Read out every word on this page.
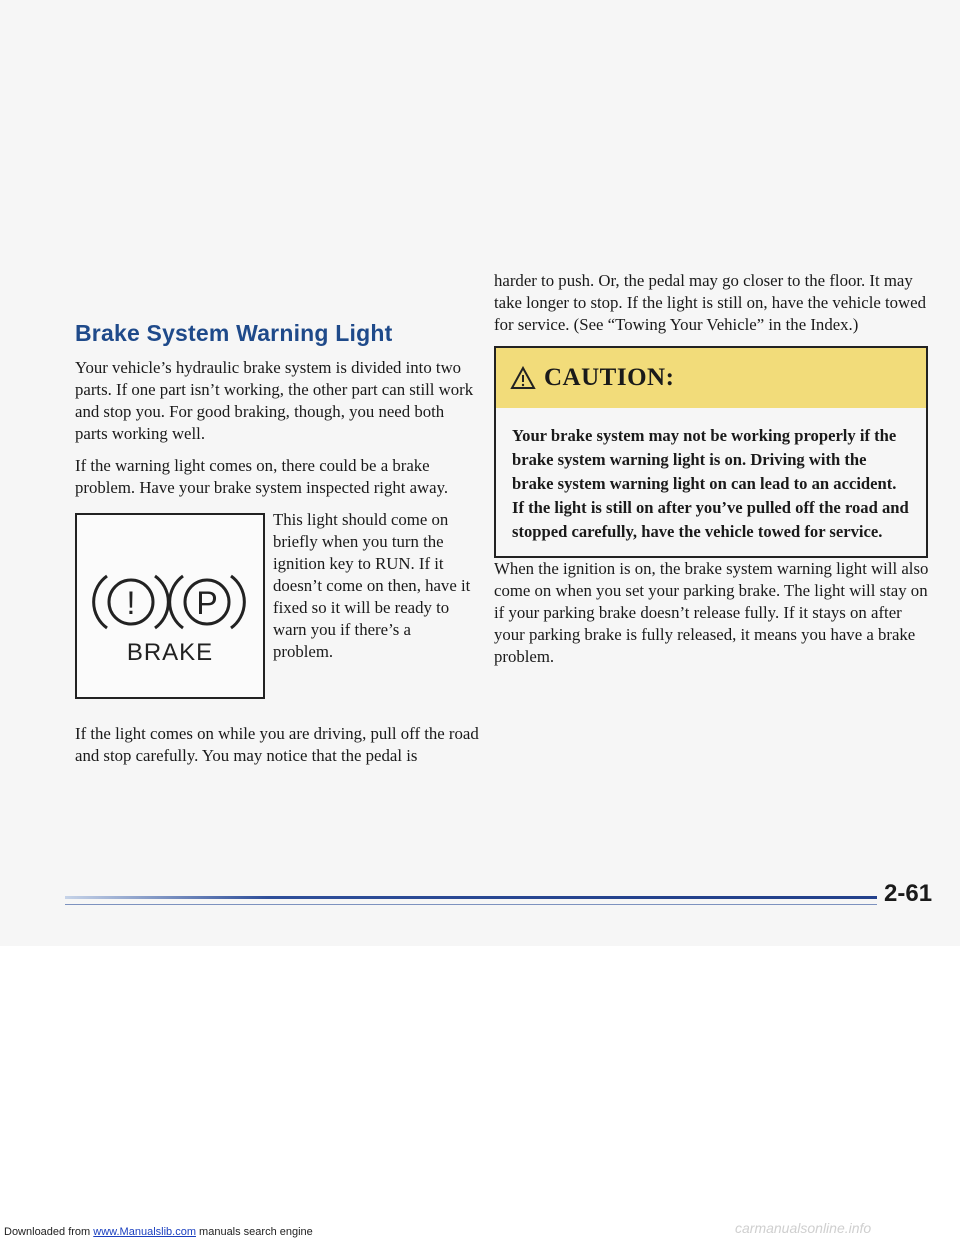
Brake System Warning Light

Your vehicle’s hydraulic brake system is divided into two parts. If one part isn’t working, the other part can still work and stop you. For good braking, though, you need both parts working well.

If the warning light comes on, there could be a brake problem. Have your brake system inspected right away.

! P
BRAKE
This light should come on briefly when you turn the ignition key to RUN. If it doesn’t come on then, have it fixed so it will be ready to warn you if there’s a problem.

If the light comes on while you are driving, pull off the road and stop carefully. You may notice that the pedal is

harder to push. Or, the pedal may go closer to the floor. It may take longer to stop. If the light is still on, have the vehicle towed for service. (See “Towing Your Vehicle” in the Index.)

CAUTION:
Your brake system may not be working properly if the brake system warning light is on. Driving with the brake system warning light on can lead to an accident. If the light is still on after you’ve pulled off the road and stopped carefully, have the vehicle towed for service.

When the ignition is on, the brake system warning light will also come on when you set your parking brake. The light will stay on if your parking brake doesn’t release fully. If it stays on after your parking brake is fully released, it means you have a brake problem.

2-61
Downloaded from www.Manualslib.com manuals search engine	carmanualsonline.info
